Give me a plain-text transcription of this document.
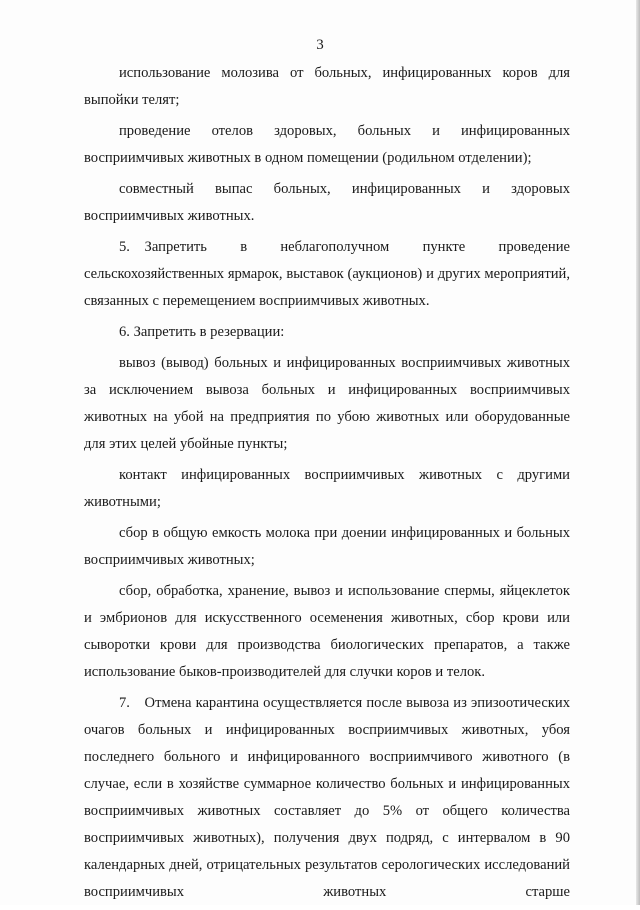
3

использование молозива от больных, инфицированных коров для выпойки телят;

проведение отелов здоровых, больных и инфицированных восприимчивых животных в одном помещении (родильном отделении);

совместный выпас больных, инфицированных и здоровых восприимчивых животных.

5. Запретить в неблагополучном пункте проведение сельскохозяйственных ярмарок, выставок (аукционов) и других мероприятий, связанных с перемещением восприимчивых животных.

6. Запретить в резервации:

вывоз (вывод) больных и инфицированных восприимчивых животных за исключением вывоза больных и инфицированных восприимчивых животных на убой на предприятия по убою животных или оборудованные для этих целей убойные пункты;

контакт инфицированных восприимчивых животных с другими животными;

сбор в общую емкость молока при доении инфицированных и больных восприимчивых животных;

сбор, обработка, хранение, вывоз и использование спермы, яйцеклеток и эмбрионов для искусственного осеменения животных, сбор крови или сыворотки крови для производства биологических препаратов, а также использование быков-производителей для случки коров и телок.

7. Отмена карантина осуществляется после вывоза из эпизоотических очагов больных и инфицированных восприимчивых животных, убоя последнего больного и инфицированного восприимчивого животного (в случае, если в хозяйстве суммарное количество больных и инфицированных восприимчивых животных составляет до 5% от общего количества восприимчивых животных), получения двух подряд, с интервалом в 90 календарных дней, отрицательных результатов серологических исследований восприимчивых животных старше
